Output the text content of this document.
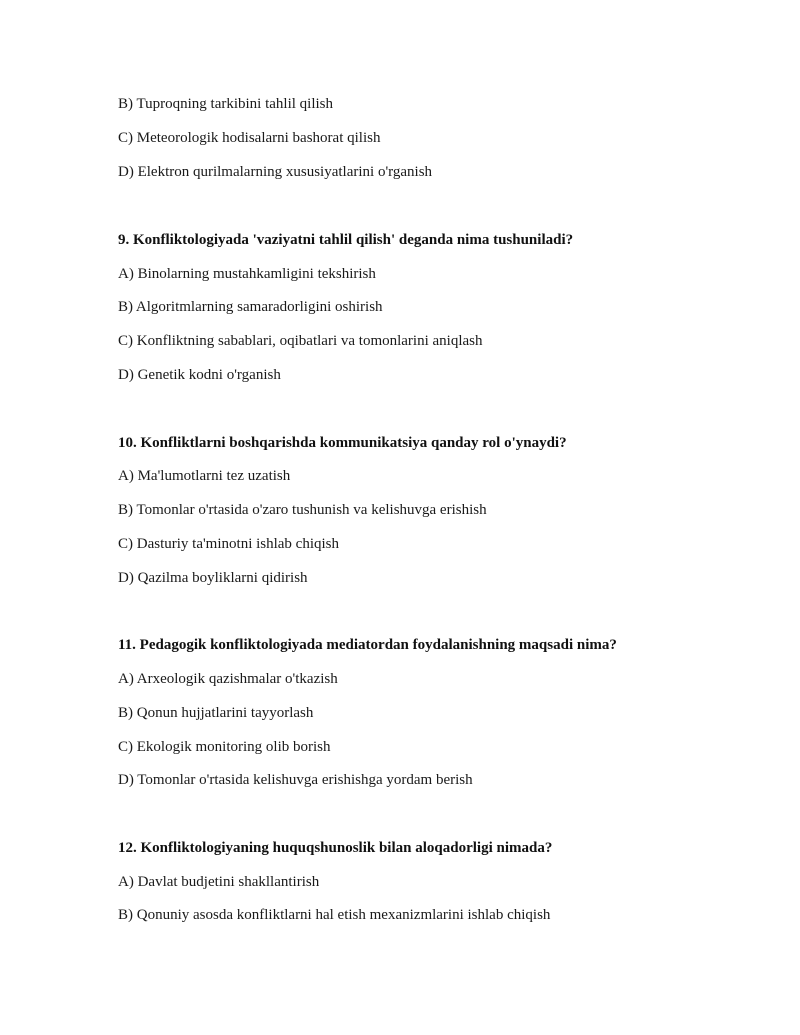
B) Tuproqning tarkibini tahlil qilish
C) Meteorologik hodisalarni bashorat qilish
D) Elektron qurilmalarning xususiyatlarini o'rganish
9. Konfliktologiyada 'vaziyatni tahlil qilish' deganda nima tushuniladi?
A) Binolarning mustahkamligini tekshirish
B) Algoritmlarning samaradorligini oshirish
C) Konfliktning sabablari, oqibatlari va tomonlarini aniqlash
D) Genetik kodni o'rganish
10. Konfliktlarni boshqarishda kommunikatsiya qanday rol o'ynaydi?
A) Ma'lumotlarni tez uzatish
B) Tomonlar o'rtasida o'zaro tushunish va kelishuvga erishish
C) Dasturiy ta'minotni ishlab chiqish
D) Qazilma boyliklarni qidirish
11. Pedagogik konfliktologiyada mediatordan foydalanishning maqsadi nima?
A) Arxeologik qazishmalar o'tkazish
B) Qonun hujjatlarini tayyorlash
C) Ekologik monitoring olib borish
D) Tomonlar o'rtasida kelishuvga erishishga yordam berish
12. Konfliktologiyaning huquqshunoslik bilan aloqadorligi nimada?
A) Davlat budjetini shakllantirish
B) Qonuniy asosda konfliktlarni hal etish mexanizmlarini ishlab chiqish
